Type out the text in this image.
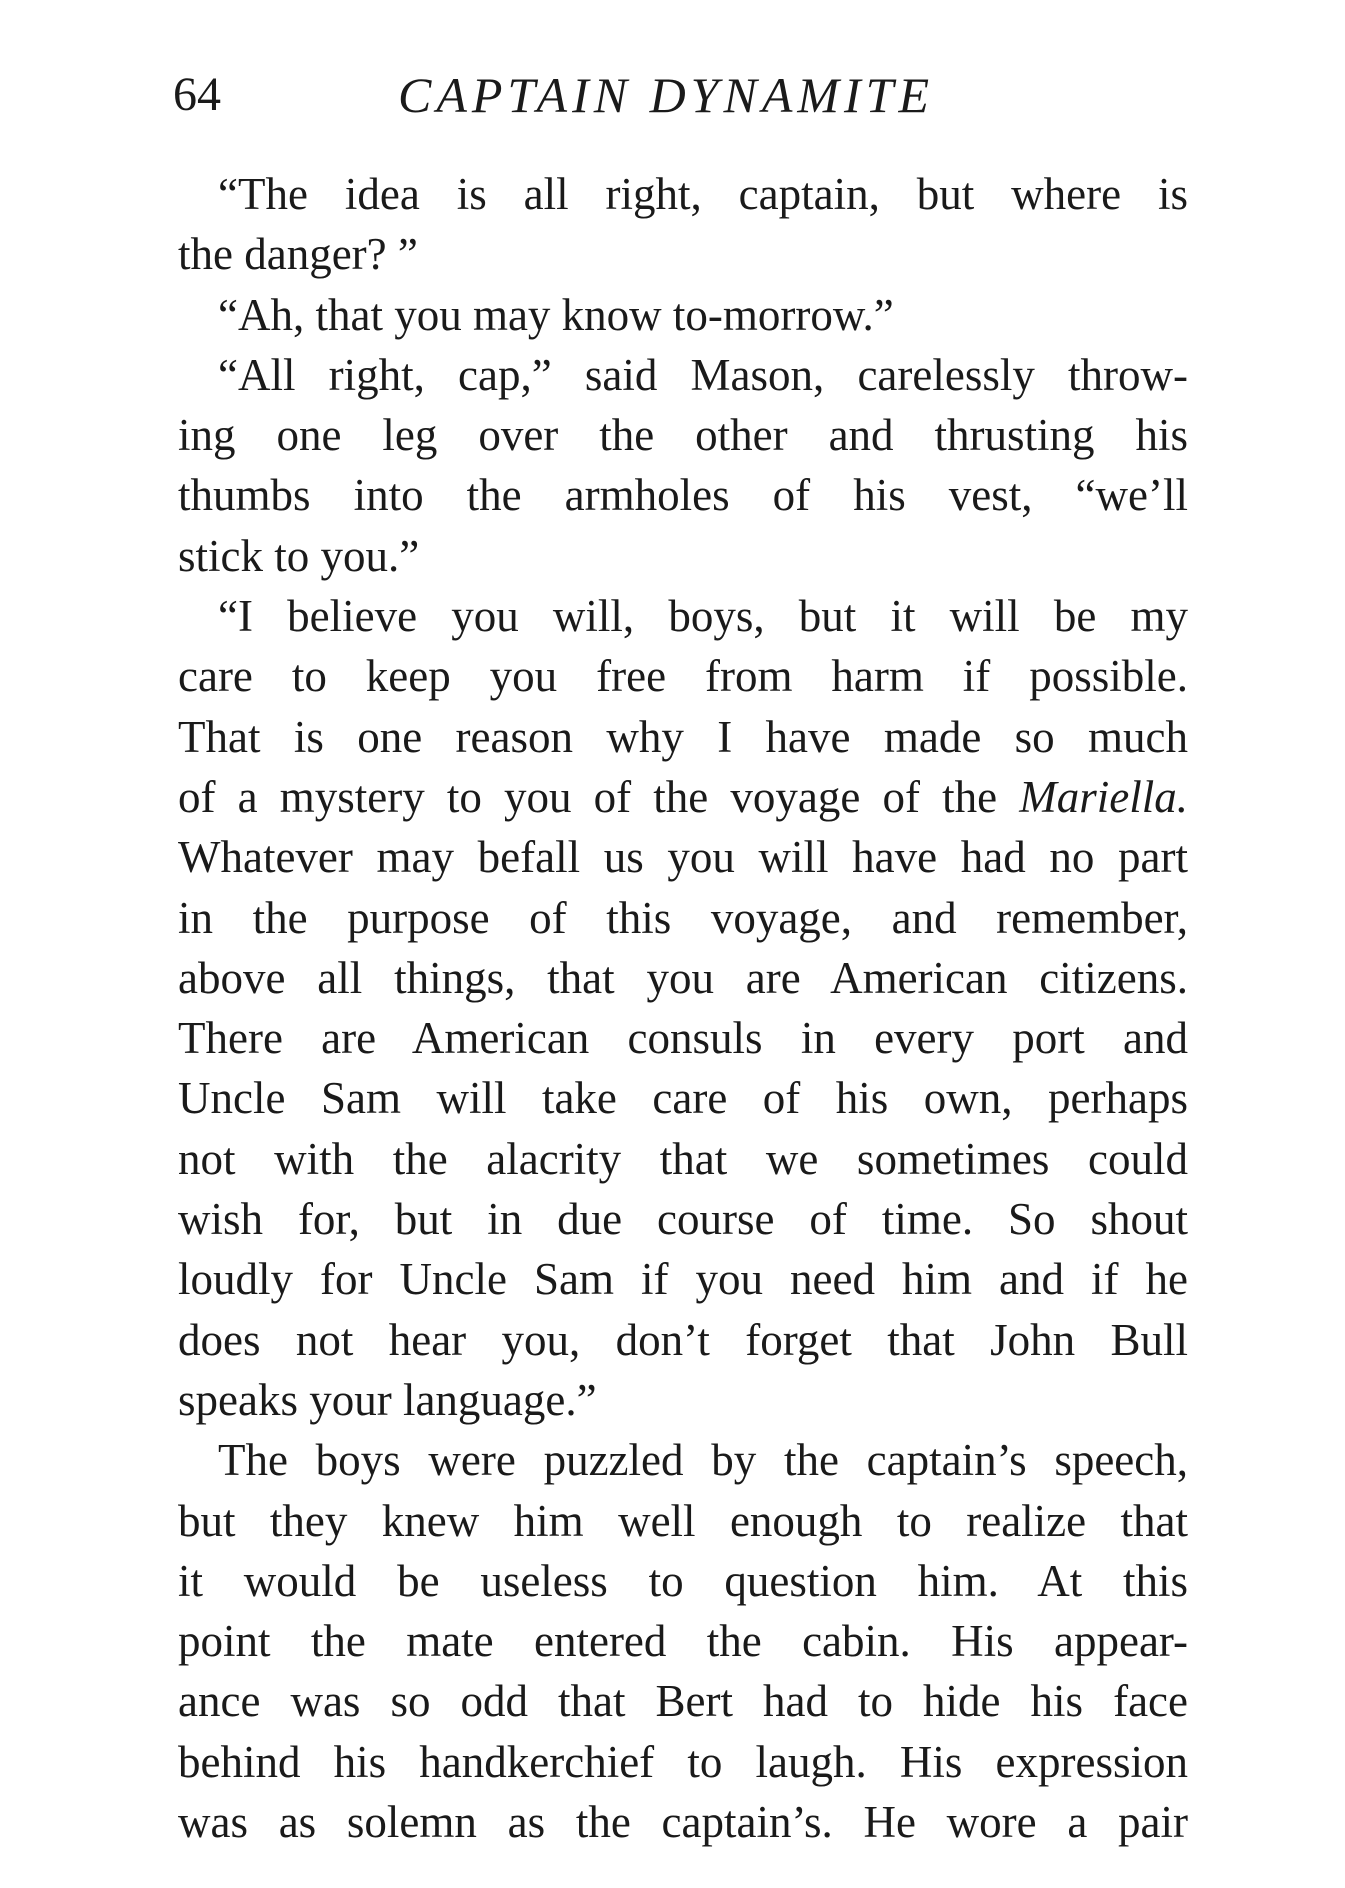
64	CAPTAIN DYNAMITE
“The idea is all right, captain, but where is
the danger? ”
“Ah, that you may know to-morrow.”
“All right, cap,” said Mason, carelessly throw-
ing one leg over the other and thrusting his
thumbs into the armholes of his vest, “we’ll
stick to you.”
“I believe you will, boys, but it will be my
care to keep you free from harm if possible.
That is one reason why I have made so much
of a mystery to you of the voyage of the Mariella.
Whatever may befall us you will have had no part
in the purpose of this voyage, and remember,
above all things, that you are American citizens.
There are American consuls in every port and
Uncle Sam will take care of his own, perhaps
not with the alacrity that we sometimes could
wish for, but in due course of time. So shout
loudly for Uncle Sam if you need him and if he
does not hear you, don’t forget that John Bull
speaks your language.”
The boys were puzzled by the captain’s speech,
but they knew him well enough to realize that
it would be useless to question him. At this
point the mate entered the cabin. His appear-
ance was so odd that Bert had to hide his face
behind his handkerchief to laugh. His expression
was as solemn as the captain’s. He wore a pair
